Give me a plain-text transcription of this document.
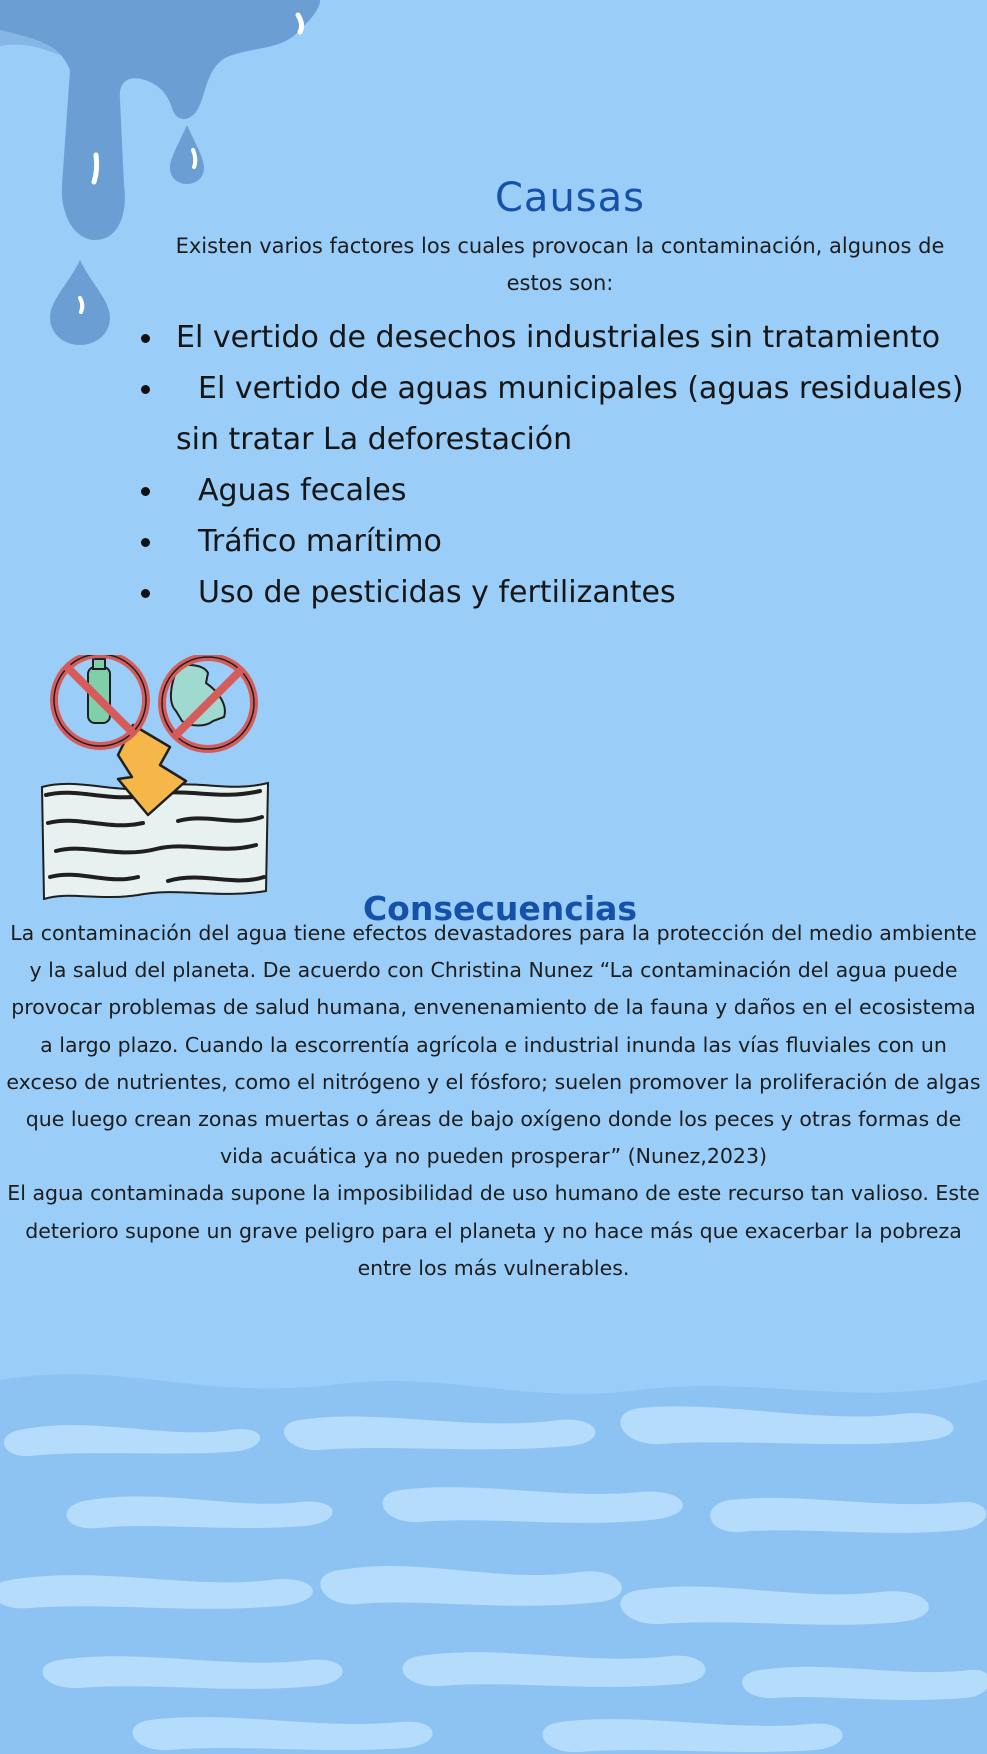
Causas
Existen varios factores los cuales provocan la contaminación, algunos de estos son:
El vertido de desechos industriales sin tratamiento
El vertido de aguas municipales (aguas residuales) sin tratar La deforestación
Aguas fecales
Tráfico marítimo
Uso de pesticidas y fertilizantes
Consecuencias

La contaminación del agua tiene efectos devastadores para la protección del medio ambiente y la salud del planeta. De acuerdo con Christina Nunez “La contaminación del agua puede provocar problemas de salud humana, envenenamiento de la fauna y daños en el ecosistema a largo plazo. Cuando la escorrentía agrícola e industrial inunda las vías fluviales con un exceso de nutrientes, como el nitrógeno y el fósforo; suelen promover la proliferación de algas que luego crean zonas muertas o áreas de bajo oxígeno donde los peces y otras formas de vida acuática ya no pueden prosperar” (Nunez,2023)

El agua contaminada supone la imposibilidad de uso humano de este recurso tan valioso. Este deterioro supone un grave peligro para el planeta y no hace más que exacerbar la pobreza entre los más vulnerables.
